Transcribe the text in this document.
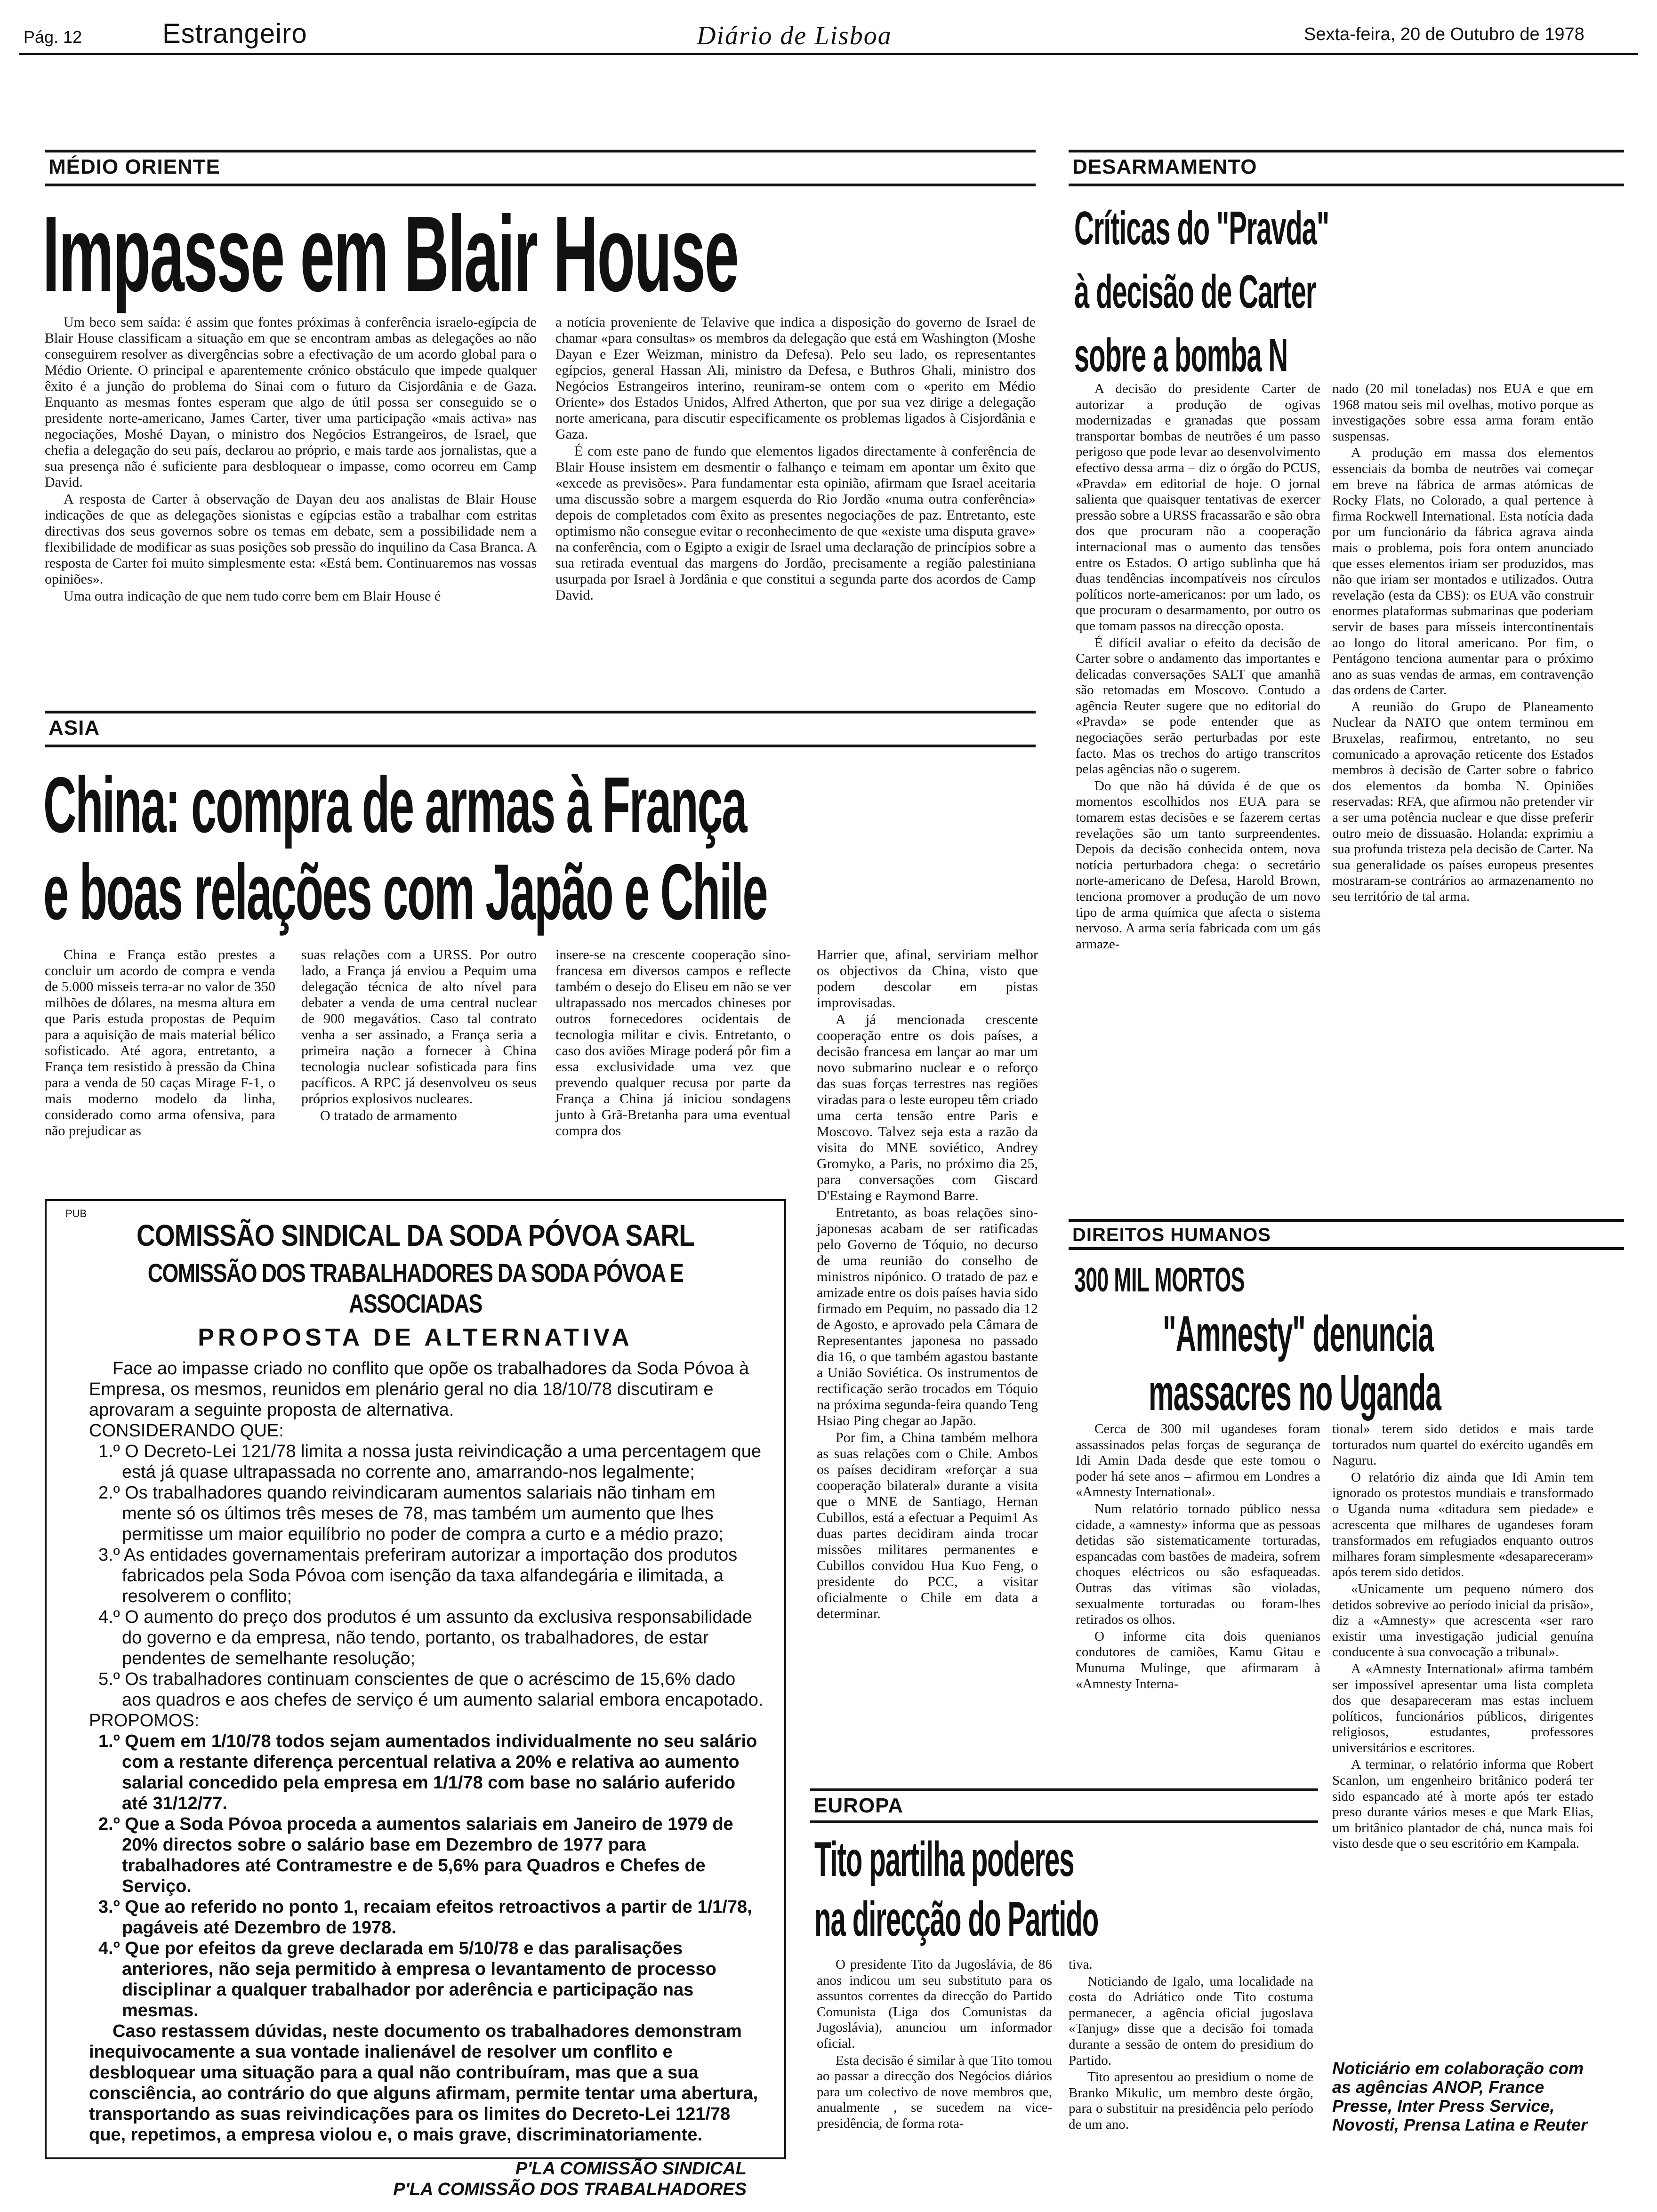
Pág. 12	Estrangeiro	Diário de Lisboa	Sexta-feira, 20 de Outubro de 1978
MÉDIO ORIENTE
Impasse em Blair House

Um beco sem saída: é assim que fontes próximas à conferência israelo-egípcia de Blair House classificam a situação em que se encontram ambas as delegações ao não conseguirem resolver as divergências sobre a efectivação de um acordo global para o Médio Oriente. O principal e aparentemente crónico obstáculo que impede qualquer êxito é a junção do problema do Sinai com o futuro da Cisjordânia e de Gaza. Enquanto as mesmas fontes esperam que algo de útil possa ser conseguido se o presidente norte-americano, James Carter, tiver uma participação «mais activa» nas negociações, Moshé Dayan, o ministro dos Negócios Estrangeiros, de Israel, que chefia a delegação do seu país, declarou ao próprio, e mais tarde aos jornalistas, que a sua presença não é suficiente para desbloquear o impasse, como ocorreu em Camp David.

A resposta de Carter à observação de Dayan deu aos analistas de Blair House indicações de que as delegações sionistas e egípcias estão a trabalhar com estritas directivas dos seus governos sobre os temas em debate, sem a possibilidade nem a flexibilidade de modificar as suas posições sob pressão do inquilino da Casa Branca. A resposta de Carter foi muito simplesmente esta: «Está bem. Continuaremos nas vossas opiniões».

Uma outra indicação de que nem tudo corre bem em Blair House é

a notícia proveniente de Telavive que indica a disposição do governo de Israel de chamar «para consultas» os membros da delegação que está em Washington (Moshe Dayan e Ezer Weizman, ministro da Defesa). Pelo seu lado, os representantes egípcios, general Hassan Ali, ministro da Defesa, e Buthros Ghali, ministro dos Negócios Estrangeiros interino, reuniram-se ontem com o «perito em Médio Oriente» dos Estados Unidos, Alfred Atherton, que por sua vez dirige a delegação norte americana, para discutir especificamente os problemas ligados à Cisjordânia e Gaza.

É com este pano de fundo que elementos ligados directamente à conferência de Blair House insistem em desmentir o falhanço e teimam em apontar um êxito que «excede as previsões». Para fundamentar esta opinião, afirmam que Israel aceitaria uma discussão sobre a margem esquerda do Rio Jordão «numa outra conferência» depois de completados com êxito as presentes negociações de paz. Entretanto, este optimismo não consegue evitar o reconhecimento de que «existe uma disputa grave» na conferência, com o Egipto a exigir de Israel uma declaração de princípios sobre a sua retirada eventual das margens do Jordão, precisamente a região palestiniana usurpada por Israel à Jordânia e que constitui a segunda parte dos acordos de Camp David.

ASIA
China: compra de armas à França
e boas relações com Japão e Chile

China e França estão prestes a concluir um acordo de compra e venda de 5.000 misseis terra-ar no valor de 350 milhões de dólares, na mesma altura em que Paris estuda propostas de Pequim para a aquisição de mais material bélico sofisticado. Até agora, entretanto, a França tem resistido à pressão da China para a venda de 50 caças Mirage F-1, o mais moderno modelo da linha, considerado como arma ofensiva, para não prejudicar as

suas relações com a URSS. Por outro lado, a França já enviou a Pequim uma delegação técnica de alto nível para debater a venda de uma central nuclear de 900 megavátios. Caso tal contrato venha a ser assinado, a França seria a primeira nação a fornecer à China tecnologia nuclear sofisticada para fins pacíficos. A RPC já desenvolveu os seus próprios explosivos nucleares.

O tratado de armamento

insere-se na crescente cooperação sino-francesa em diversos campos e reflecte também o desejo do Eliseu em não se ver ultrapassado nos mercados chineses por outros fornecedores ocidentais de tecnologia militar e civis. Entretanto, o caso dos aviões Mirage poderá pôr fim a essa exclusividade uma vez que prevendo qualquer recusa por parte da França a China já iniciou sondagens junto à Grã-Bretanha para uma eventual compra dos

Harrier que, afinal, serviriam melhor os objectivos da China, visto que podem descolar em pistas improvisadas.

A já mencionada crescente cooperação entre os dois países, a decisão francesa em lançar ao mar um novo submarino nuclear e o reforço das suas forças terrestres nas regiões viradas para o leste europeu têm criado uma certa tensão entre Paris e Moscovo. Talvez seja esta a razão da visita do MNE soviético, Andrey Gromyko, a Paris, no próximo dia 25, para conversações com Giscard D'Estaing e Raymond Barre.

Entretanto, as boas relações sino-japonesas acabam de ser ratificadas pelo Governo de Tóquio, no decurso de uma reunião do conselho de ministros nipónico. O tratado de paz e amizade entre os dois países havia sido firmado em Pequim, no passado dia 12 de Agosto, e aprovado pela Câmara de Representantes japonesa no passado dia 16, o que também agastou bastante a União Soviética. Os instrumentos de rectificação serão trocados em Tóquio na próxima segunda-feira quando Teng Hsiao Ping chegar ao Japão.

Por fim, a China também melhora as suas relações com o Chile. Ambos os países decidiram «reforçar a sua cooperação bilateral» durante a visita que o MNE de Santiago, Hernan Cubillos, está a efectuar a Pequim1 As duas partes decidiram ainda trocar missões militares permanentes e Cubillos convidou Hua Kuo Feng, o presidente do PCC, a visitar oficialmente o Chile em data a determinar.

PUB
COMISSÃO SINDICAL DA SODA PÓVOA SARL
COMISSÃO DOS TRABALHADORES DA SODA PÓVOA E ASSOCIADAS
PROPOSTA DE ALTERNATIVA

Face ao impasse criado no conflito que opõe os trabalhadores da Soda Póvoa à Empresa, os mesmos, reunidos em plenário geral no dia 18/10/78 discutiram e aprovaram a seguinte proposta de alternativa.

CONSIDERANDO QUE:

1.º O Decreto-Lei 121/78 limita a nossa justa reivindicação a uma percentagem que está já quase ultrapassada no corrente ano, amarrando-nos legalmente;

2.º Os trabalhadores quando reivindicaram aumentos salariais não tinham em mente só os últimos três meses de 78, mas também um aumento que lhes permitisse um maior equilíbrio no poder de compra a curto e a médio prazo;

3.º As entidades governamentais preferiram autorizar a importação dos produtos fabricados pela Soda Póvoa com isenção da taxa alfandegária e ilimitada, a resolverem o conflito;

4.º O aumento do preço dos produtos é um assunto da exclusiva responsabilidade do governo e da empresa, não tendo, portanto, os trabalhadores, de estar pendentes de semelhante resolução;

5.º Os trabalhadores continuam conscientes de que o acréscimo de 15,6% dado aos quadros e aos chefes de serviço é um aumento salarial embora encapotado.

PROPOMOS:

1.º Quem em 1/10/78 todos sejam aumentados individualmente no seu salário com a restante diferença percentual relativa a 20% e relativa ao aumento salarial concedido pela empresa em 1/1/78 com base no salário auferido até 31/12/77.

2.º Que a Soda Póvoa proceda a aumentos salariais em Janeiro de 1979 de 20% directos sobre o salário base em Dezembro de 1977 para trabalhadores até Contramestre e de 5,6% para Quadros e Chefes de Serviço.

3.º Que ao referido no ponto 1, recaiam efeitos retroactivos a partir de 1/1/78, pagáveis até Dezembro de 1978.

4.º Que por efeitos da greve declarada em 5/10/78 e das paralisações anteriores, não seja permitido à empresa o levantamento de processo disciplinar a qualquer trabalhador por aderência e participação nas mesmas.

Caso restassem dúvidas, neste documento os trabalhadores demonstram inequivocamente a sua vontade inalienável de resolver um conflito e desbloquear uma situação para a qual não contribuíram, mas que a sua consciência, ao contrário do que alguns afirmam, permite tentar uma abertura, transportando as suas reivindicações para os limites do Decreto-Lei 121/78 que, repetimos, a empresa violou e, o mais grave, discriminatoriamente.

P'LA COMISSÃO SINDICAL
P'LA COMISSÃO DOS TRABALHADORES
DESARMAMENTO
Críticas do "Pravda"
à decisão de Carter
sobre a bomba N

A decisão do presidente Carter de autorizar a produção de ogivas modernizadas e granadas que possam transportar bombas de neutrões é um passo perigoso que pode levar ao desenvolvimento efectivo dessa arma – diz o órgão do PCUS, «Pravda» em editorial de hoje. O jornal salienta que quaisquer tentativas de exercer pressão sobre a URSS fracassarão e são obra dos que procuram não a cooperação internacional mas o aumento das tensões entre os Estados. O artigo sublinha que há duas tendências incompatíveis nos círculos políticos norte-americanos: por um lado, os que procuram o desarmamento, por outro os que tomam passos na direcção oposta.

É difícil avaliar o efeito da decisão de Carter sobre o andamento das importantes e delicadas conversações SALT que amanhã são retomadas em Moscovo. Contudo a agência Reuter sugere que no editorial do «Pravda» se pode entender que as negociações serão perturbadas por este facto. Mas os trechos do artigo transcritos pelas agências não o sugerem.

Do que não há dúvida é de que os momentos escolhidos nos EUA para se tomarem estas decisões e se fazerem certas revelações são um tanto surpreendentes. Depois da decisão conhecida ontem, nova notícia perturbadora chega: o secretário norte-americano de Defesa, Harold Brown, tenciona promover a produção de um novo tipo de arma química que afecta o sistema nervoso. A arma seria fabricada com um gás armaze-

nado (20 mil toneladas) nos EUA e que em 1968 matou seis mil ovelhas, motivo porque as investigações sobre essa arma foram então suspensas.

A produção em massa dos elementos essenciais da bomba de neutrões vai começar em breve na fábrica de armas atómicas de Rocky Flats, no Colorado, a qual pertence à firma Rockwell International. Esta notícia dada por um funcionário da fábrica agrava ainda mais o problema, pois fora ontem anunciado que esses elementos iriam ser produzidos, mas não que iriam ser montados e utilizados. Outra revelação (esta da CBS): os EUA vão construir enormes plataformas submarinas que poderiam servir de bases para mísseis intercontinentais ao longo do litoral americano. Por fim, o Pentágono tenciona aumentar para o próximo ano as suas vendas de armas, em contravenção das ordens de Carter.

A reunião do Grupo de Planeamento Nuclear da NATO que ontem terminou em Bruxelas, reafirmou, entretanto, no seu comunicado a aprovação reticente dos Estados membros à decisão de Carter sobre o fabrico dos elementos da bomba N. Opiniões reservadas: RFA, que afirmou não pretender vir a ser uma potência nuclear e que disse preferir outro meio de dissuasão. Holanda: exprimiu a sua profunda tristeza pela decisão de Carter. Na sua generalidade os países europeus presentes mostraram-se contrários ao armazenamento no seu território de tal arma.

DIREITOS HUMANOS
300 MIL MORTOS
"Amnesty" denuncia
massacres no Uganda

Cerca de 300 mil ugandeses foram assassinados pelas forças de segurança de Idi Amin Dada desde que este tomou o poder há sete anos – afirmou em Londres a «Amnesty International».

Num relatório tornado público nessa cidade, a «amnesty» informa que as pessoas detidas são sistematicamente torturadas, espancadas com bastões de madeira, sofrem choques eléctricos ou são esfaqueadas. Outras das vítimas são violadas, sexualmente torturadas ou foram-lhes retirados os olhos.

O informe cita dois quenianos condutores de camiões, Kamu Gitau e Munuma Mulinge, que afirmaram à «Amnesty Interna-

tional» terem sido detidos e mais tarde torturados num quartel do exército ugandês em Naguru.

O relatório diz ainda que Idi Amin tem ignorado os protestos mundiais e transformado o Uganda numa «ditadura sem piedade» e acrescenta que milhares de ugandeses foram transformados em refugiados enquanto outros milhares foram simplesmente «desapareceram» após terem sido detidos.

«Unicamente um pequeno número dos detidos sobrevive ao período inicial da prisão», diz a «Amnesty» que acrescenta «ser raro existir uma investigação judicial genuína conducente à sua convocação a tribunal».

A «Amnesty International» afirma também ser impossível apresentar uma lista completa dos que desapareceram mas estas incluem políticos, funcionários públicos, dirigentes religiosos, estudantes, professores universitários e escritores.

A terminar, o relatório informa que Robert Scanlon, um engenheiro britânico poderá ter sido espancado até à morte após ter estado preso durante vários meses e que Mark Elias, um britânico plantador de chá, nunca mais foi visto desde que o seu escritório em Kampala.

Noticiário em colaboração com as agências ANOP, France Presse, Inter Press Service, Novosti, Prensa Latina e Reuter
EUROPA
Tito partilha poderes
na direcção do Partido

O presidente Tito da Jugoslávia, de 86 anos indicou um seu substituto para os assuntos correntes da direcção do Partido Comunista (Liga dos Comunistas da Jugoslávia), anunciou um informador oficial.

Esta decisão é similar à que Tito tomou ao passar a direcção dos Negócios diários para um colectivo de nove membros que, anualmente , se sucedem na vice-presidência, de forma rota-

tiva.

Noticiando de Igalo, uma localidade na costa do Adriático onde Tito costuma permanecer, a agência oficial jugoslava «Tanjug» disse que a decisão foi tomada durante a sessão de ontem do presidium do Partido.

Tito apresentou ao presidium o nome de Branko Mikulic, um membro deste órgão, para o substituir na presidência pelo período de um ano.
